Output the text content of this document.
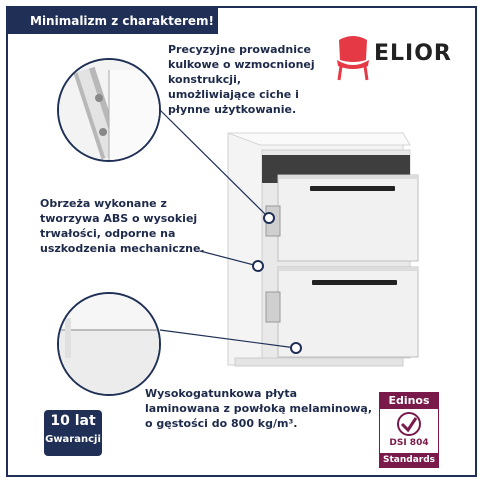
Minimalizm z charakterem!
ELIOR
Precyzyjne prowadnice kulkowe o wzmocnionej konstrukcji, umożliwiające ciche i płynne użytkowanie.
Obrzeża wykonane z tworzywa ABS o wysokiej trwałości, odporne na uszkodzenia mechaniczne.
Wysokogatunkowa płyta laminowana z powłoką melaminową, o gęstości do 800 kg/m³.
10 lat
Gwarancji
Edinos
DSI 804
Standards
